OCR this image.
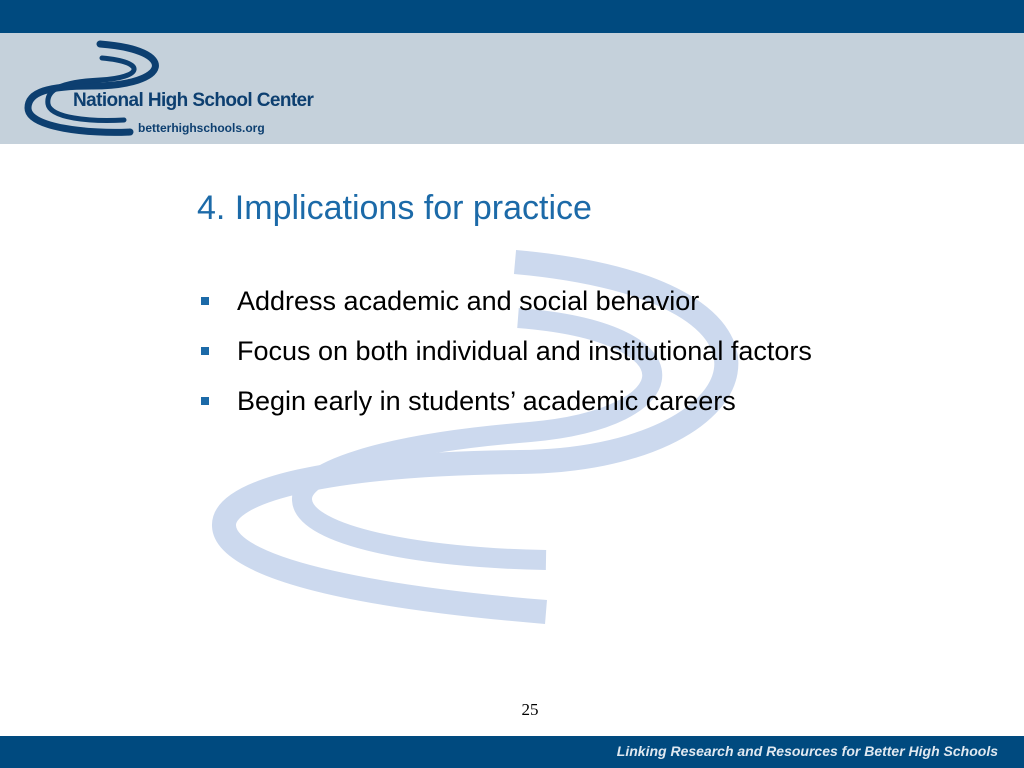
National High School Center
betterhighschools.org
4. Implications for practice
Address academic and social behavior
Focus on both individual and institutional factors
Begin early in students’ academic careers
25
Linking Research and Resources for Better High Schools
